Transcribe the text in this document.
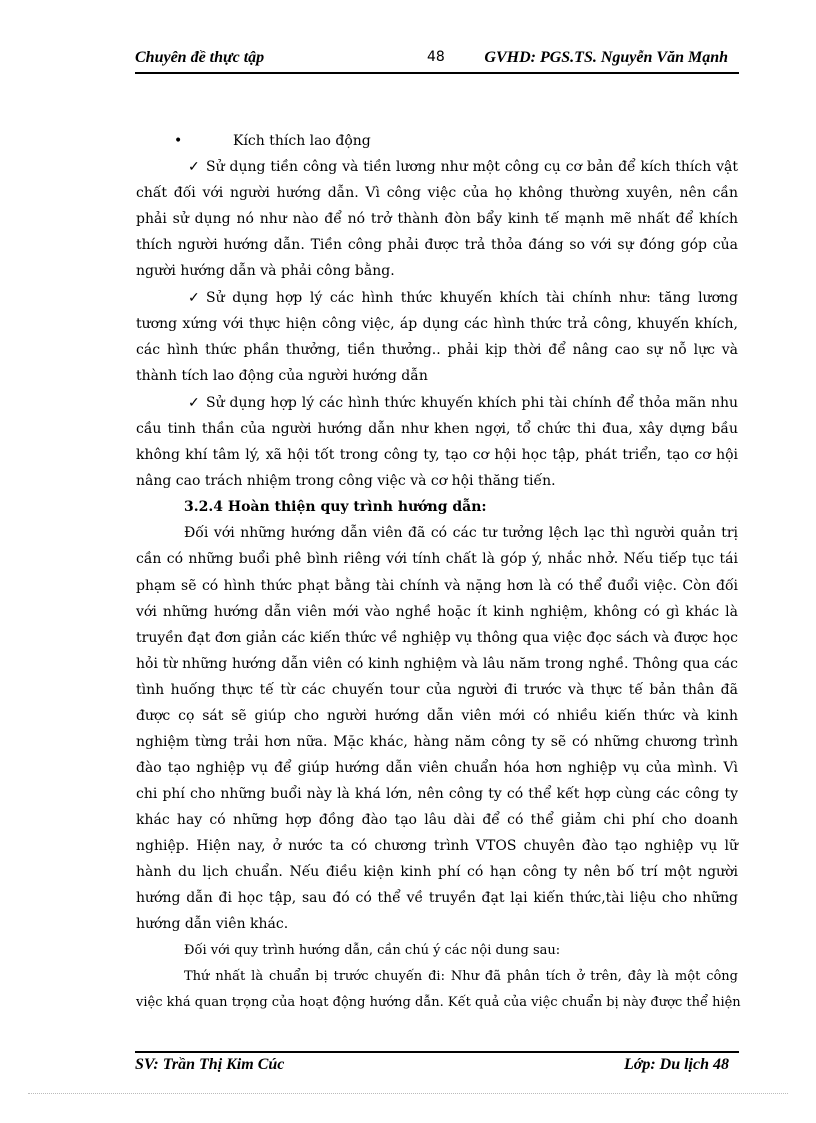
Chuyên đề thực tập	48 GVHD: PGS.TS. Nguyễn Văn Mạnh
•	Kích thích lao động
✓ Sử dụng tiền công và tiền lương như một công cụ cơ bản để kích thích vật
chất đối với người hướng dẫn. Vì công việc của họ không thường xuyên, nên cần
phải sử dụng nó như nào để nó trở thành đòn bẩy kinh tế mạnh mẽ nhất để khích
thích người hướng dẫn. Tiền công phải được trả thỏa đáng so với sự đóng góp của
người hướng dẫn và phải công bằng.
✓ Sử dụng hợp lý các hình thức khuyến khích tài chính như: tăng lương
tương xứng với thực hiện công việc, áp dụng các hình thức trả công, khuyến khích,
các hình thức phần thưởng, tiền thưởng.. phải kịp thời để nâng cao sự nỗ lực và
thành tích lao động của người hướng dẫn
✓ Sử dụng hợp lý các hình thức khuyến khích phi tài chính để thỏa mãn nhu
cầu tinh thần của người hướng dẫn như khen ngợi, tổ chức thi đua, xây dựng bầu
không khí tâm lý, xã hội tốt trong công ty, tạo cơ hội học tập, phát triển, tạo cơ hội
nâng cao trách nhiệm trong công việc và cơ hội thăng tiến.
3.2.4 Hoàn thiện quy trình hướng dẫn:
Đối với những hướng dẫn viên đã có các tư tưởng lệch lạc thì người quản trị
cần có những buổi phê bình riêng với tính chất là góp ý, nhắc nhở. Nếu tiếp tục tái
phạm sẽ có hình thức phạt bằng tài chính và nặng hơn là có thể đuổi việc. Còn đối
với những hướng dẫn viên mới vào nghề hoặc ít kinh nghiệm, không có gì khác là
truyền đạt đơn giản các kiến thức về nghiệp vụ thông qua việc đọc sách và được học
hỏi từ những hướng dẫn viên có kinh nghiệm và lâu năm trong nghề. Thông qua các
tình huống thực tế từ các chuyến tour của người đi trước và thực tế bản thân đã
được cọ sát sẽ giúp cho người hướng dẫn viên mới có nhiều kiến thức và kinh
nghiệm từng trải hơn nữa. Mặc khác, hàng năm công ty sẽ có những chương trình
đào tạo nghiệp vụ để giúp hướng dẫn viên chuẩn hóa hơn nghiệp vụ của mình. Vì
chi phí cho những buổi này là khá lớn, nên công ty có thể kết hợp cùng các công ty
khác hay có những hợp đồng đào tạo lâu dài để có thể giảm chi phí cho doanh
nghiệp. Hiện nay, ở nước ta có chương trình VTOS chuyên đào tạo nghiệp vụ lữ
hành du lịch chuẩn. Nếu điều kiện kinh phí có hạn công ty nên bố trí một người
hướng dẫn đi học tập, sau đó có thể về truyền đạt lại kiến thức,tài liệu cho những
hướng dẫn viên khác.
Đối với quy trình hướng dẫn, cần chú ý các nội dung sau:
Thứ nhất là chuẩn bị trước chuyến đi: Như đã phân tích ở trên, đây là một công
việc khá quan trọng của hoạt động hướng dẫn. Kết quả của việc chuẩn bị này được thể hiện
SV: Trần Thị Kim Cúc	Lớp: Du lịch 48
